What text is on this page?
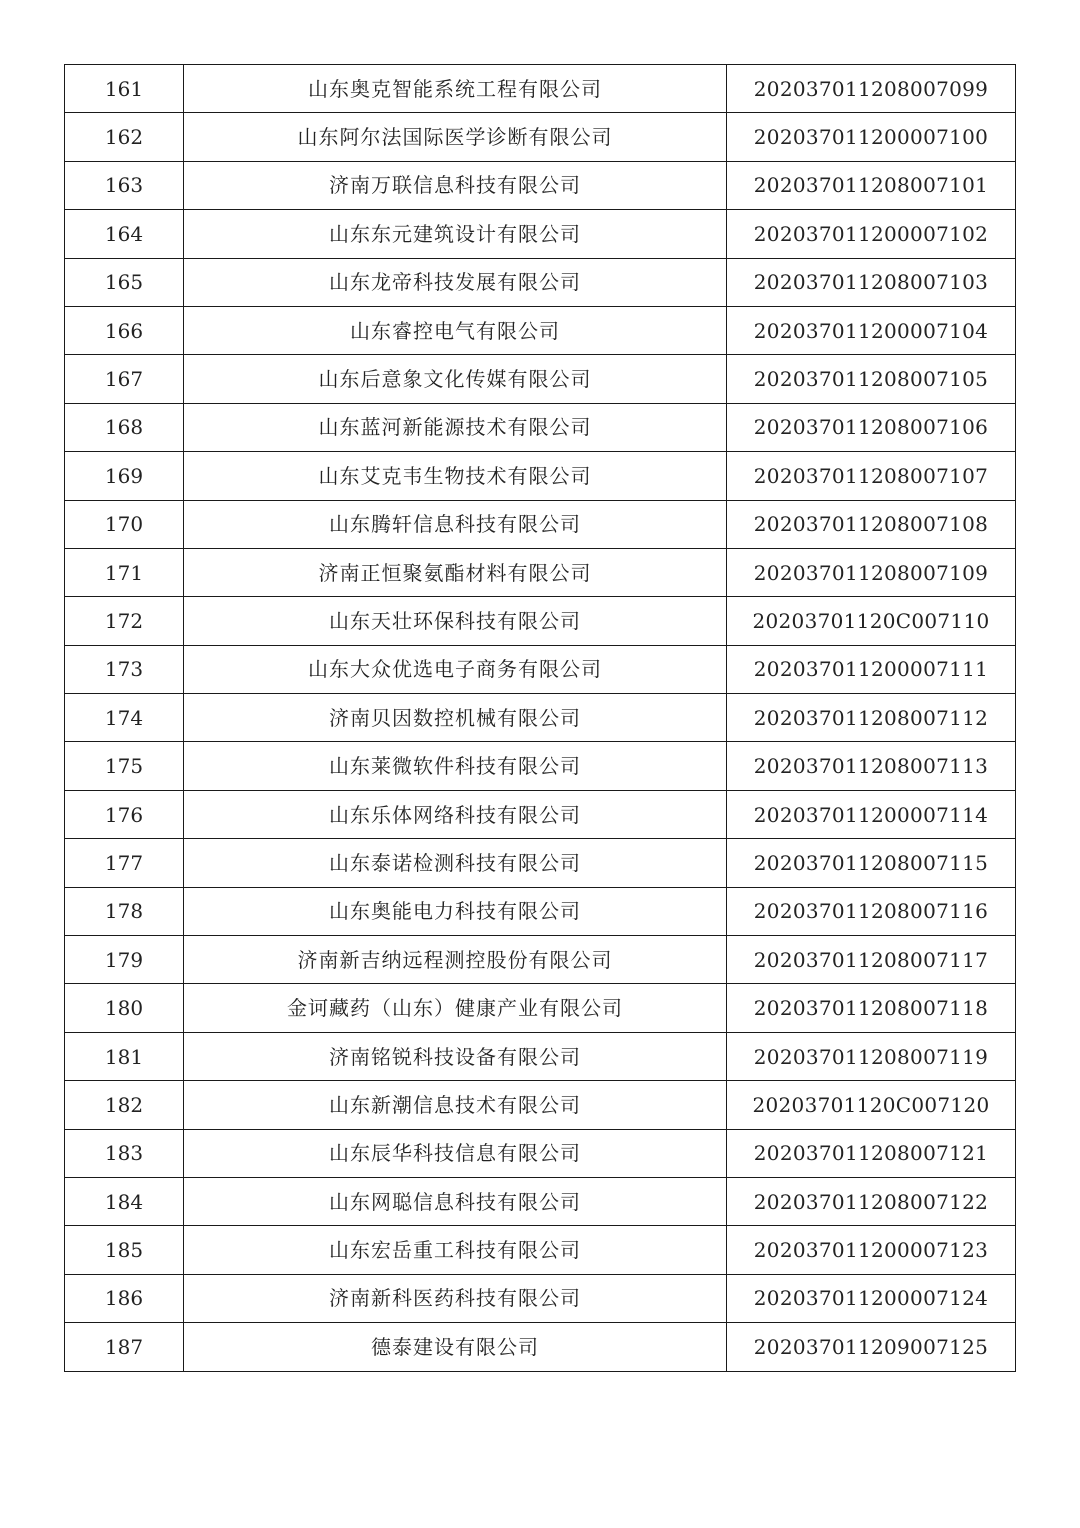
161	山东奥克智能系统工程有限公司	202037011208007099
162	山东阿尔法国际医学诊断有限公司	202037011200007100
163	济南万联信息科技有限公司	202037011208007101
164	山东东元建筑设计有限公司	202037011200007102
165	山东龙帝科技发展有限公司	202037011208007103
166	山东睿控电气有限公司	202037011200007104
167	山东后意象文化传媒有限公司	202037011208007105
168	山东蓝河新能源技术有限公司	202037011208007106
169	山东艾克韦生物技术有限公司	202037011208007107
170	山东腾轩信息科技有限公司	202037011208007108
171	济南正恒聚氨酯材料有限公司	202037011208007109
172	山东天壮环保科技有限公司	20203701120C007110
173	山东大众优选电子商务有限公司	202037011200007111
174	济南贝因数控机械有限公司	202037011208007112
175	山东莱微软件科技有限公司	202037011208007113
176	山东乐体网络科技有限公司	202037011200007114
177	山东泰诺检测科技有限公司	202037011208007115
178	山东奥能电力科技有限公司	202037011208007116
179	济南新吉纳远程测控股份有限公司	202037011208007117
180	金诃藏药（山东）健康产业有限公司	202037011208007118
181	济南铭锐科技设备有限公司	202037011208007119
182	山东新潮信息技术有限公司	20203701120C007120
183	山东辰华科技信息有限公司	202037011208007121
184	山东网聪信息科技有限公司	202037011208007122
185	山东宏岳重工科技有限公司	202037011200007123
186	济南新科医药科技有限公司	202037011200007124
187	德泰建设有限公司	202037011209007125
